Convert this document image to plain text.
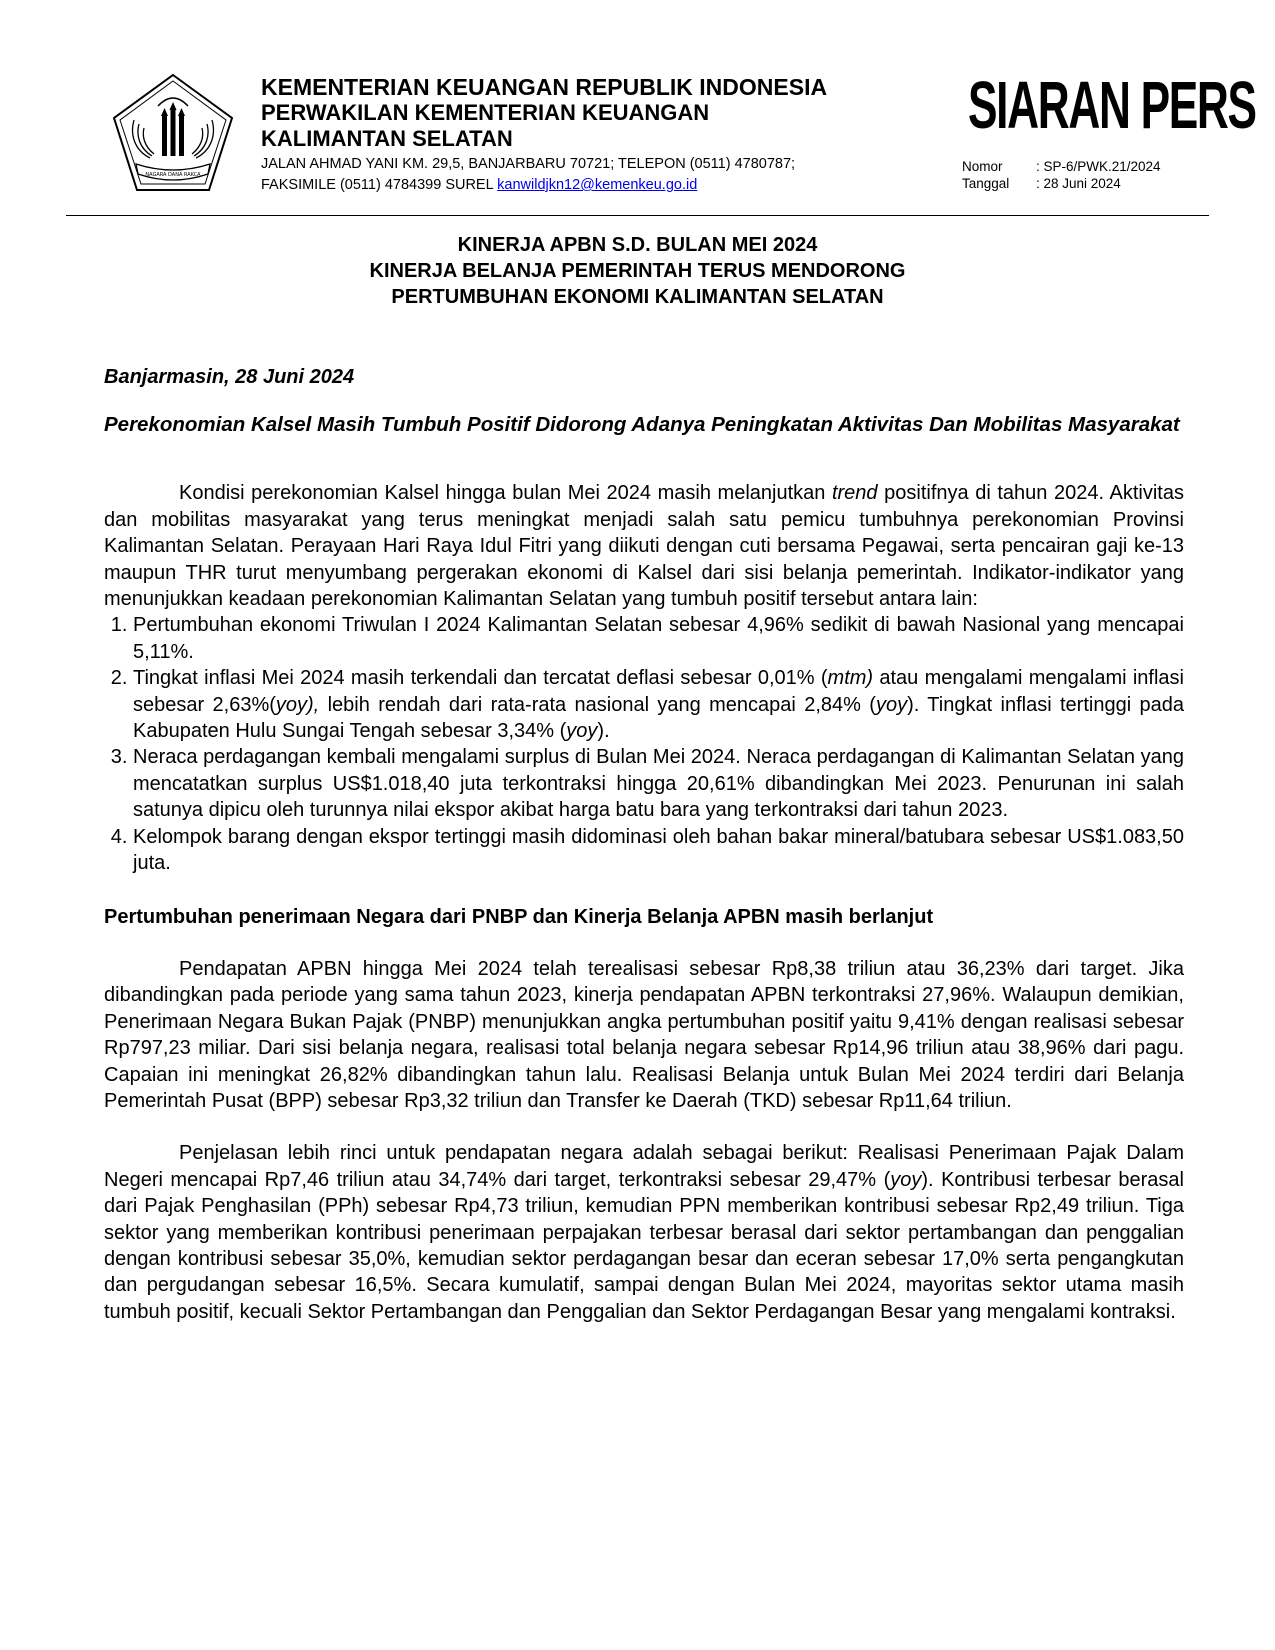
NAGARA DANA RAKCA
KEMENTERIAN KEUANGAN REPUBLIK INDONESIA
PERWAKILAN KEMENTERIAN KEUANGAN
KALIMANTAN SELATAN
JALAN AHMAD YANI KM. 29,5, BANJARBARU 70721; TELEPON (0511) 4780787;
FAKSIMILE (0511) 4784399 SUREL kanwildjkn12@kemenkeu.go.id
SIARAN PERS
Nomor	: SP-6/PWK.21/2024
Tanggal	: 28 Juni 2024
KINERJA APBN S.D. BULAN MEI 2024
KINERJA BELANJA PEMERINTAH TERUS MENDORONG
PERTUMBUHAN EKONOMI KALIMANTAN SELATAN

Banjarmasin, 28 Juni 2024

Perekonomian Kalsel Masih Tumbuh Positif Didorong Adanya Peningkatan Aktivitas Dan Mobilitas Masyarakat

Kondisi perekonomian Kalsel hingga bulan Mei 2024 masih melanjutkan trend positifnya di tahun 2024. Aktivitas dan mobilitas masyarakat yang terus meningkat menjadi salah satu pemicu tumbuhnya perekonomian Provinsi Kalimantan Selatan. Perayaan Hari Raya Idul Fitri yang diikuti dengan cuti bersama Pegawai, serta pencairan gaji ke-13 maupun THR turut menyumbang pergerakan ekonomi di Kalsel dari sisi belanja pemerintah. Indikator-indikator yang menunjukkan keadaan perekonomian Kalimantan Selatan yang tumbuh positif tersebut antara lain:

1. Pertumbuhan ekonomi Triwulan I 2024 Kalimantan Selatan sebesar 4,96% sedikit di bawah Nasional yang mencapai 5,11%.
2. Tingkat inflasi Mei 2024 masih terkendali dan tercatat deflasi sebesar 0,01% (mtm) atau mengalami mengalami inflasi sebesar 2,63%(yoy), lebih rendah dari rata-rata nasional yang mencapai 2,84% (yoy). Tingkat inflasi tertinggi pada Kabupaten Hulu Sungai Tengah sebesar 3,34% (yoy).
3. Neraca perdagangan kembali mengalami surplus di Bulan Mei 2024. Neraca perdagangan di Kalimantan Selatan yang mencatatkan surplus US$1.018,40 juta terkontraksi hingga 20,61% dibandingkan Mei 2023. Penurunan ini salah satunya dipicu oleh turunnya nilai ekspor akibat harga batu bara yang terkontraksi dari tahun 2023.
4. Kelompok barang dengan ekspor tertinggi masih didominasi oleh bahan bakar mineral/batubara sebesar US$1.083,50 juta.

Pertumbuhan penerimaan Negara dari PNBP dan Kinerja Belanja APBN masih berlanjut

Pendapatan APBN hingga Mei 2024 telah terealisasi sebesar Rp8,38 triliun atau 36,23% dari target. Jika dibandingkan pada periode yang sama tahun 2023, kinerja pendapatan APBN terkontraksi 27,96%. Walaupun demikian, Penerimaan Negara Bukan Pajak (PNBP) menunjukkan angka pertumbuhan positif yaitu 9,41% dengan realisasi sebesar Rp797,23 miliar. Dari sisi belanja negara, realisasi total belanja negara sebesar Rp14,96 triliun atau 38,96% dari pagu. Capaian ini meningkat 26,82% dibandingkan tahun lalu. Realisasi Belanja untuk Bulan Mei 2024 terdiri dari Belanja Pemerintah Pusat (BPP) sebesar Rp3,32 triliun dan Transfer ke Daerah (TKD) sebesar Rp11,64 triliun.

Penjelasan lebih rinci untuk pendapatan negara adalah sebagai berikut: Realisasi Penerimaan Pajak Dalam Negeri mencapai Rp7,46 triliun atau 34,74% dari target, terkontraksi sebesar 29,47% (yoy). Kontribusi terbesar berasal dari Pajak Penghasilan (PPh) sebesar Rp4,73 triliun, kemudian PPN memberikan kontribusi sebesar Rp2,49 triliun. Tiga sektor yang memberikan kontribusi penerimaan perpajakan terbesar berasal dari sektor pertambangan dan penggalian dengan kontribusi sebesar 35,0%, kemudian sektor perdagangan besar dan eceran sebesar 17,0% serta pengangkutan dan pergudangan sebesar 16,5%. Secara kumulatif, sampai dengan Bulan Mei 2024, mayoritas sektor utama masih tumbuh positif, kecuali Sektor Pertambangan dan Penggalian dan Sektor Perdagangan Besar yang mengalami kontraksi.
